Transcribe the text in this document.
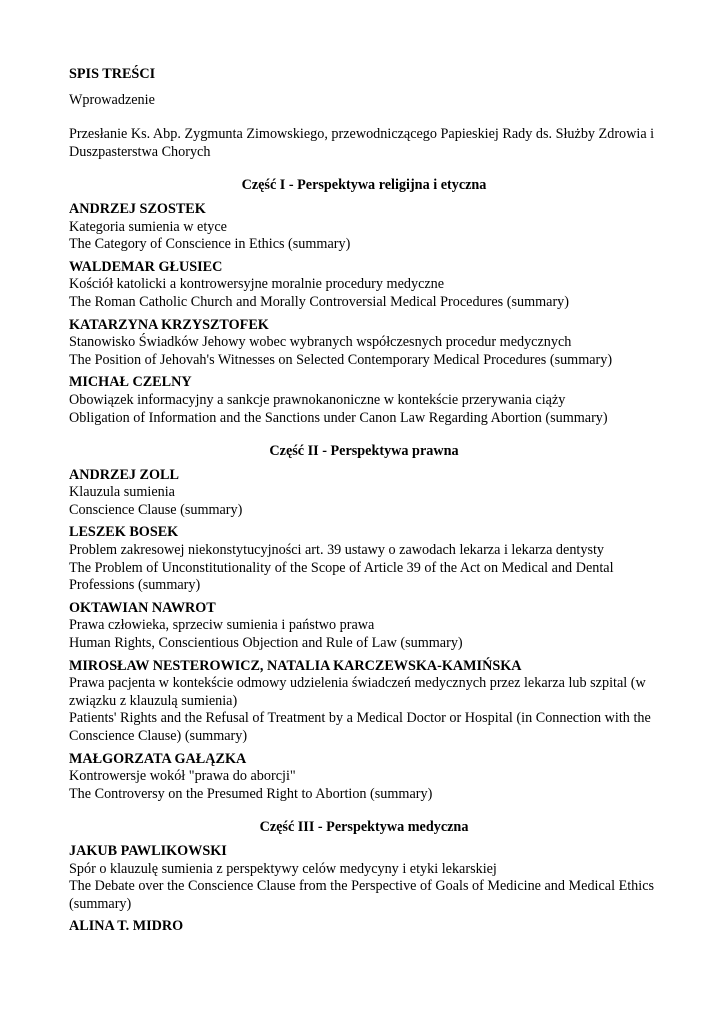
SPIS TREŚCI
Wprowadzenie
Przesłanie Ks. Abp. Zygmunta Zimowskiego, przewodniczącego Papieskiej Rady ds. Służby Zdrowia i Duszpasterstwa Chorych
Część I - Perspektywa religijna i etyczna
ANDRZEJ SZOSTEK
Kategoria sumienia w etyce
The Category of Conscience in Ethics (summary)
WALDEMAR GŁUSIEC
Kościół katolicki a kontrowersyjne moralnie procedury medyczne
The Roman Catholic Church and Morally Controversial Medical Procedures (summary)
KATARZYNA KRZYSZTOFEK
Stanowisko Świadków Jehowy wobec wybranych współczesnych procedur medycznych
The Position of Jehovah's Witnesses on Selected Contemporary Medical Procedures (summary)
MICHAŁ CZELNY
Obowiązek informacyjny a sankcje prawnokanoniczne w kontekście przerywania ciąży
Obligation of Information and the Sanctions under Canon Law Regarding Abortion (summary)
Część II - Perspektywa prawna
ANDRZEJ ZOLL
Klauzula sumienia
Conscience Clause (summary)
LESZEK BOSEK
Problem zakresowej niekonstytucyjności art. 39 ustawy o zawodach lekarza i lekarza dentysty
The Problem of Unconstitutionality of the Scope of Article 39 of the Act on Medical and Dental Professions (summary)
OKTAWIAN NAWROT
Prawa człowieka, sprzeciw sumienia i państwo prawa
Human Rights, Conscientious Objection and Rule of Law (summary)
MIROSŁAW NESTEROWICZ, NATALIA KARCZEWSKA-KAMIŃSKA
Prawa pacjenta w kontekście odmowy udzielenia świadczeń medycznych przez lekarza lub szpital (w związku z klauzulą sumienia)
Patients' Rights and the Refusal of Treatment by a Medical Doctor or Hospital (in Connection with the Conscience Clause) (summary)
MAŁGORZATA GAŁĄZKA
Kontrowersje wokół "prawa do aborcji"
The Controversy on the Presumed Right to Abortion (summary)
Część III - Perspektywa medyczna
JAKUB PAWLIKOWSKI
Spór o klauzulę sumienia z perspektywy celów medycyny i etyki lekarskiej
The Debate over the Conscience Clause from the Perspective of Goals of Medicine and Medical Ethics (summary)
ALINA T. MIDRO
